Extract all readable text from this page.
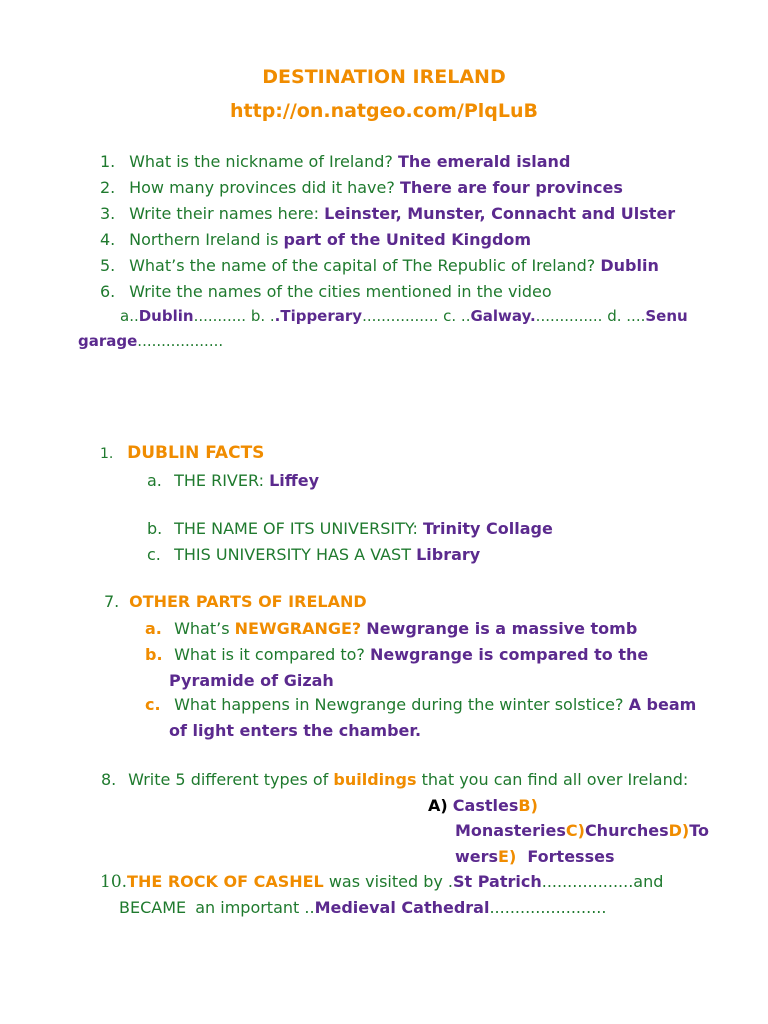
DESTINATION IRELAND
http://on.natgeo.com/PlqLuB
1. What is the nickname of Ireland? The emerald island
2. How many provinces did it have? There are four provinces
3. Write their names here: Leinster, Munster, Connacht and Ulster
4. Northern Ireland is part of the United Kingdom
5. What’s the name of the capital of The Republic of Ireland? Dublin
6. Write the names of the cities mentioned in the video
a..Dublin........... b. ..Tipperary................ c. ..Galway............... d. ....Senu
garage..................
1. DUBLIN FACTS
a. THE RIVER: Liffey
b. THE NAME OF ITS UNIVERSITY: Trinity Collage
c. THIS UNIVERSITY HAS A VAST Library
7. OTHER PARTS OF IRELAND
a. What’s NEWGRANGE? Newgrange is a massive tomb
b. What is it compared to? Newgrange is compared to the
Pyramide of Gizah
c. What happens in Newgrange during the winter solstice? A beam
of light enters the chamber.
8. Write 5 different types of buildings that you can find all over Ireland:
A) CastlesB)
MonasteriesC)ChurchesD)To
wersE) Fortesses
10.THE ROCK OF CASHEL was visited by .St Patrich..................and
BECAME an important ..Medieval Cathedral.......................
